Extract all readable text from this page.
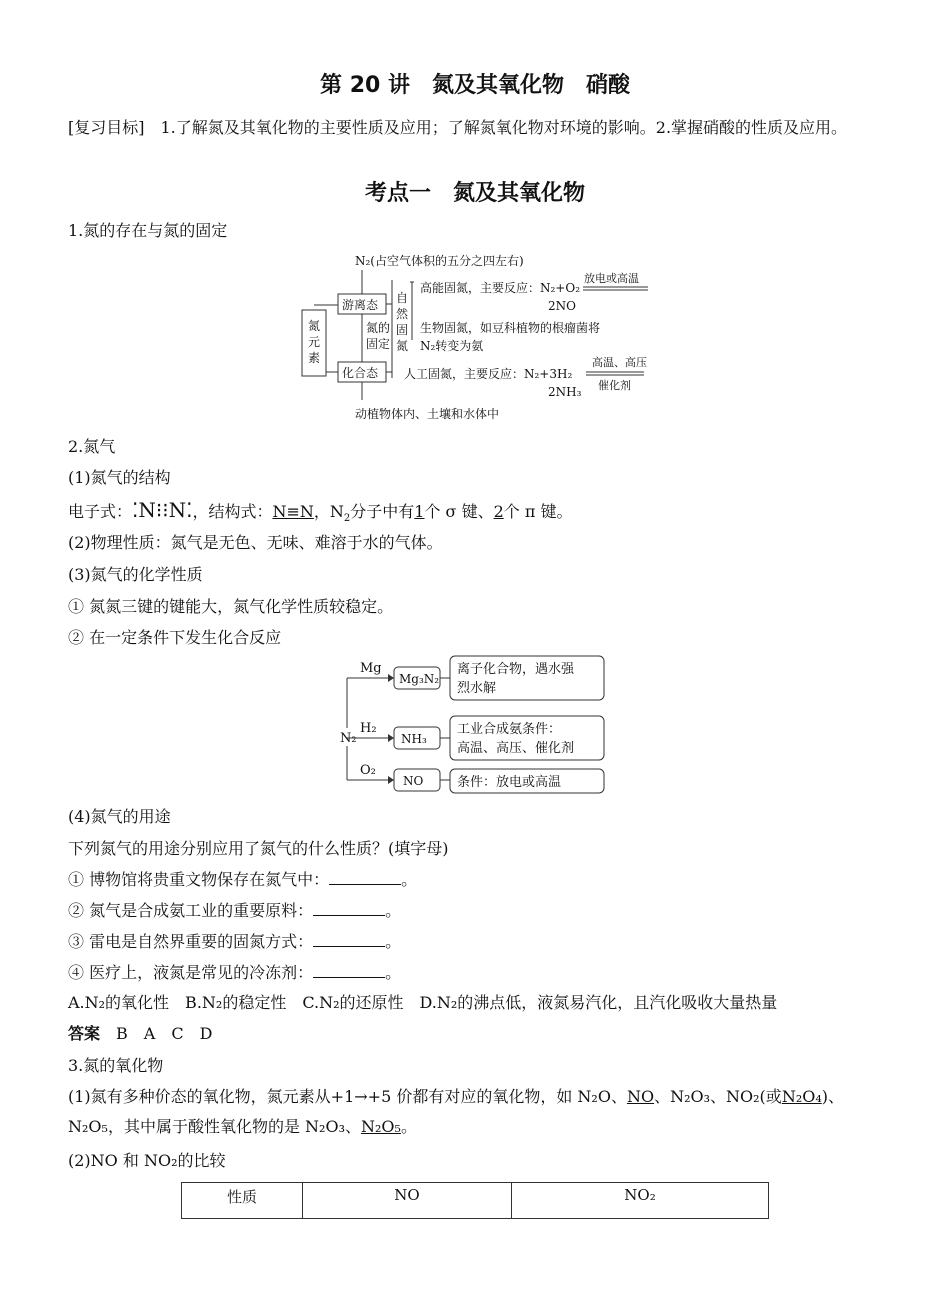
第 20 讲　氮及其氧化物　硝酸
[复习目标]　1.了解氮及其氧化物的主要性质及应用；了解氮氧化物对环境的影响。2.掌握硝酸的性质及应用。
考点一　氮及其氧化物
1.氮的存在与氮的固定
N₂(占空气体积的五分之四左右)
氮
元
素
游离态
化合态
氮的
固定
自
然
固
氮
高能固氮，主要反应：N₂+O₂
放电或高温
2NO
生物固氮，如豆科植物的根瘤菌将
N₂转变为氨
人工固氮，主要反应：N₂+3H₂
高温、高压
催化剂
2NH₃
动植物体内、土壤和水体中
2.氮气
(1)氮气的结构
电子式：⁚N⁝⁝N⁚，结构式：N≡N，$N_2$分子中有1个 σ 键、2个 π 键。
(2)物理性质：氮气是无色、无味、难溶于水的气体。
(3)氮气的化学性质
① 氮氮三键的键能大，氮气化学性质较稳定。
② 在一定条件下发生化合反应
N₂
Mg
Mg₃N₂
离子化合物，遇水强
烈水解
H₂
NH₃
工业合成氨条件：
高温、高压、催化剂
O₂
NO	条件：放电或高温
(4)氮气的用途
下列氮气的用途分别应用了氮气的什么性质？(填字母)
① 博物馆将贵重文物保存在氮气中：	。
② 氮气是合成氨工业的重要原料：	。
③ 雷电是自然界重要的固氮方式：	。
④ 医疗上，液氮是常见的冷冻剂：	。
A.N₂的氧化性　B.N₂的稳定性　C.N₂的还原性　D.N₂的沸点低，液氮易汽化，且汽化吸收大量热量
答案　B　A　C　D
3.氮的氧化物
(1)氮有多种价态的氧化物，氮元素从+1→+5 价都有对应的氧化物，如 N₂O、NO、N₂O₃、NO₂(或N₂O₄)、N₂O₅，其中属于酸性氧化物的是 N₂O₃、N₂O₅。
(2)NO 和 NO₂的比较
性质	NO	NO₂
